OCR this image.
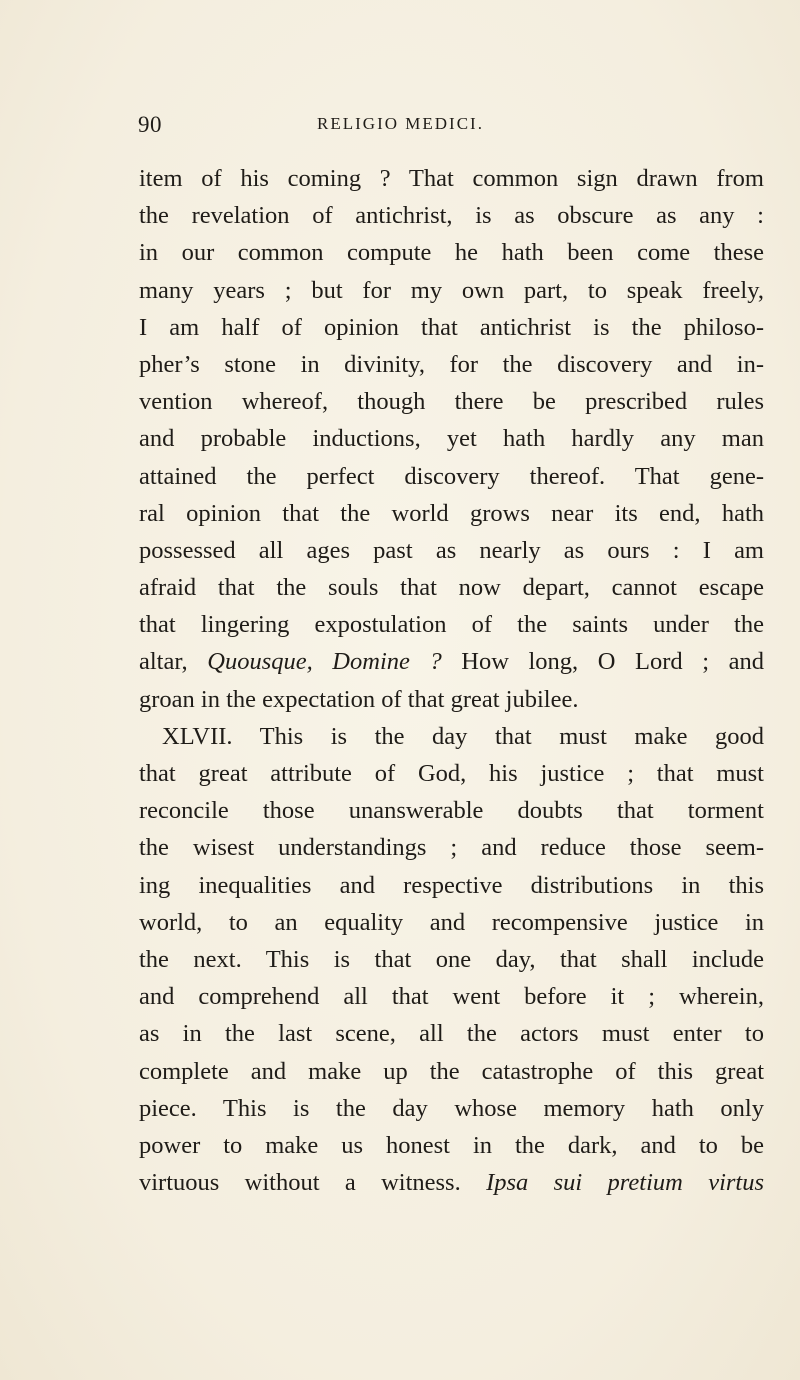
90	RELIGIO MEDICI.
item of his coming ? That common sign drawn from
the revelation of antichrist, is as obscure as any :
in our common compute he hath been come these
many years ; but for my own part, to speak freely,
I am half of opinion that antichrist is the philoso-
pher’s stone in divinity, for the discovery and in-
vention whereof, though there be prescribed rules
and probable inductions, yet hath hardly any man
attained the perfect discovery thereof. That gene-
ral opinion that the world grows near its end, hath
possessed all ages past as nearly as ours : I am
afraid that the souls that now depart, cannot escape
that lingering expostulation of the saints under the
altar, Quousque, Domine ? How long, O Lord ; and
groan in the expectation of that great jubilee.
XLVII. This is the day that must make good
that great attribute of God, his justice ; that must
reconcile those unanswerable doubts that torment
the wisest understandings ; and reduce those seem-
ing inequalities and respective distributions in this
world, to an equality and recompensive justice in
the next. This is that one day, that shall include
and comprehend all that went before it ; wherein,
as in the last scene, all the actors must enter to
complete and make up the catastrophe of this great
piece. This is the day whose memory hath only
power to make us honest in the dark, and to be
virtuous without a witness. Ipsa sui pretium virtus
